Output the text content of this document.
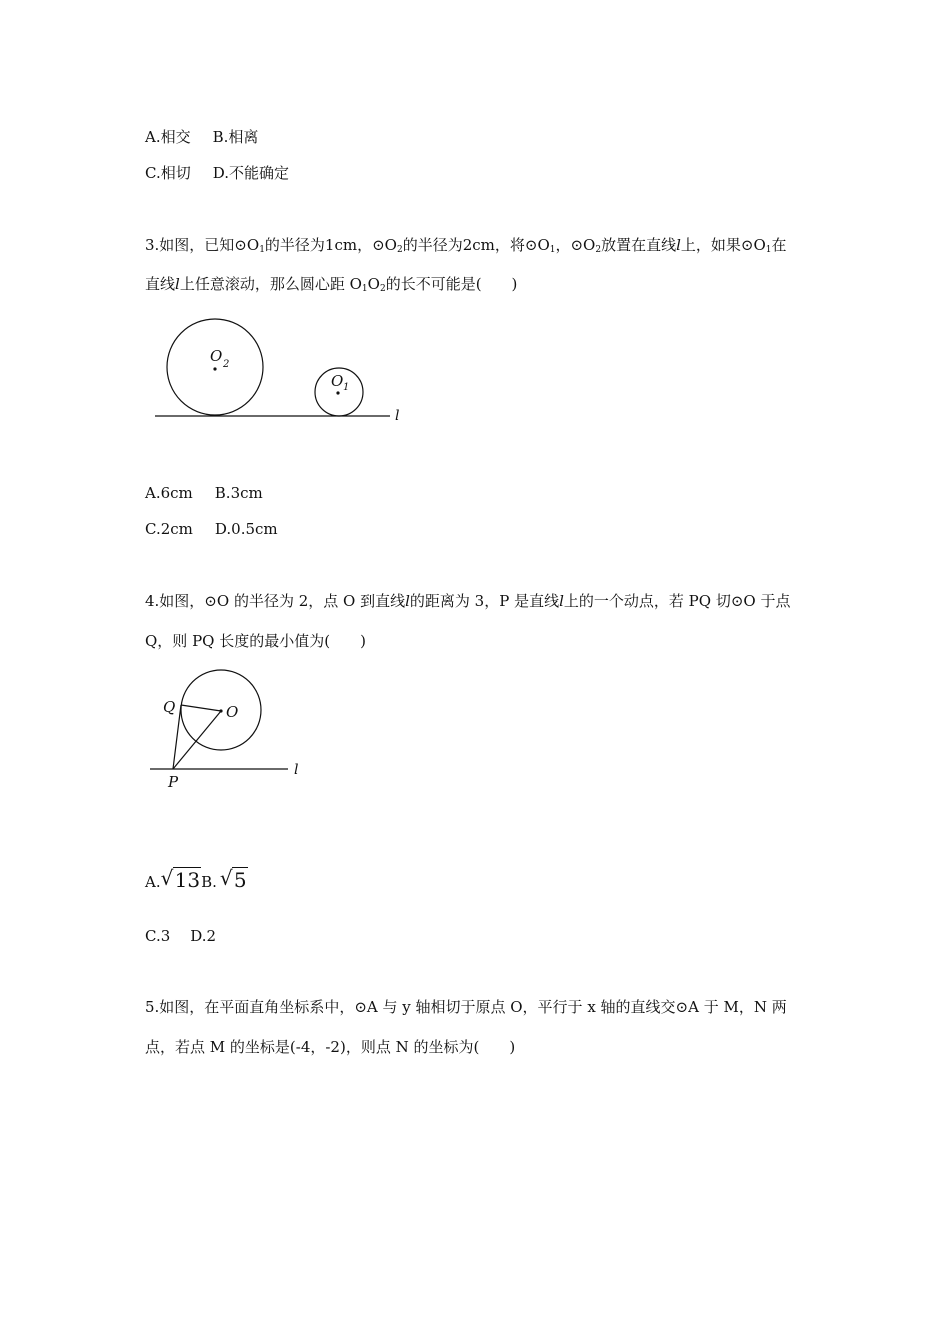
A.相交 B.相离
C.相切 D.不能确定
3.如图，已知$⊙O_1$的半径为1cm，$⊙O_2$的半径为2cm，将$⊙O_1$，$⊙O_2$放置在直线l上，如果$⊙O_1$在
直线l上任意滚动，那么圆心距 $O_1O_2$的长不可能是(　　)
O 2
O 1
l
A.6cm B.3cm
C.2cm D.0.5cm
4.如图，⊙O 的半径为 2，点 O 到直线l的距离为 3，P 是直线l上的一个动点，若 PQ 切⊙O 于点
Q，则 PQ 长度的最小值为(　　)
Q	O
P
l
A. √ 13B.  √ 5
C.3 D.2
5.如图，在平面直角坐标系中，⊙A 与 y 轴相切于原点 O，平行于 x 轴的直线交⊙A 于 M，N 两
点，若点 M 的坐标是(-4，-2)，则点 N 的坐标为(　　)
